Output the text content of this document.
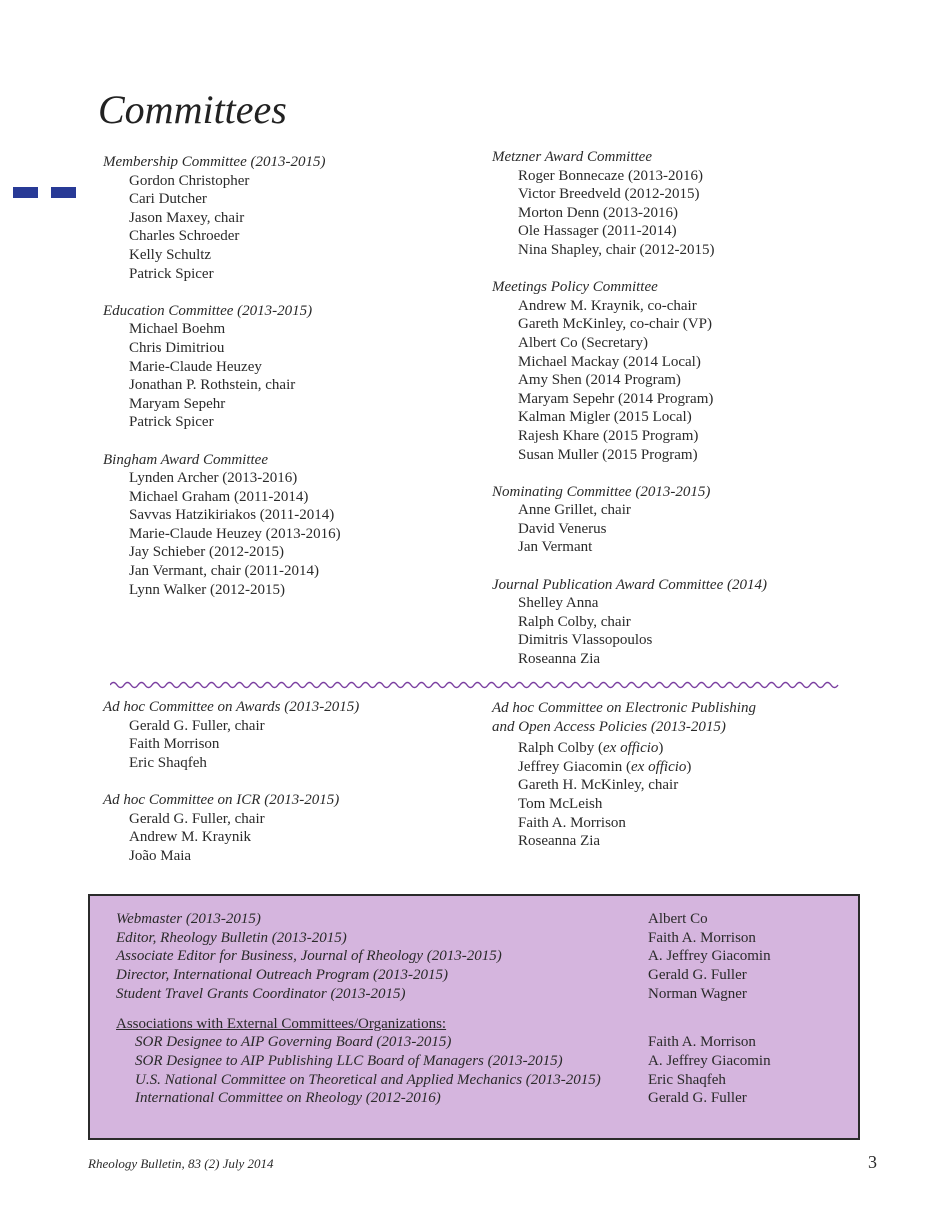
Committees
Membership Committee (2013-2015)
Gordon Christopher
Cari Dutcher
Jason Maxey, chair
Charles Schroeder
Kelly Schultz
Patrick Spicer
Education Committee (2013-2015)
Michael Boehm
Chris Dimitriou
Marie-Claude Heuzey
Jonathan P. Rothstein, chair
Maryam Sepehr
Patrick Spicer
Bingham Award Committee
Lynden Archer (2013-2016)
Michael Graham (2011-2014)
Savvas Hatzikiriakos (2011-2014)
Marie-Claude Heuzey (2013-2016)
Jay Schieber (2012-2015)
Jan Vermant, chair (2011-2014)
Lynn Walker (2012-2015)
Metzner Award Committee
Roger Bonnecaze (2013-2016)
Victor Breedveld (2012-2015)
Morton Denn (2013-2016)
Ole Hassager (2011-2014)
Nina Shapley, chair (2012-2015)
Meetings Policy Committee
Andrew M. Kraynik, co-chair
Gareth McKinley, co-chair (VP)
Albert Co (Secretary)
Michael Mackay (2014 Local)
Amy Shen (2014 Program)
Maryam Sepehr (2014 Program)
Kalman Migler (2015 Local)
Rajesh Khare (2015 Program)
Susan Muller (2015 Program)
Nominating Committee (2013-2015)
Anne Grillet, chair
David Venerus
Jan Vermant
Journal Publication Award Committee (2014)
Shelley Anna
Ralph Colby, chair
Dimitris Vlassopoulos
Roseanna Zia
Ad hoc Committee on Awards (2013-2015)
Gerald G. Fuller, chair
Faith Morrison
Eric Shaqfeh
Ad hoc Committee on ICR (2013-2015)
Gerald G. Fuller, chair
Andrew M. Kraynik
João Maia
Ad hoc Committee on Electronic Publishing
and Open Access Policies (2013-2015)
Ralph Colby (ex officio)
Jeffrey Giacomin (ex officio)
Gareth H. McKinley, chair
Tom McLeish
Faith A. Morrison
Roseanna Zia
Webmaster (2013-2015)	Albert Co
Editor, Rheology Bulletin (2013-2015)	Faith A. Morrison
Associate Editor for Business, Journal of Rheology (2013-2015)	A. Jeffrey Giacomin
Director, International Outreach Program (2013-2015)	Gerald G. Fuller
Student Travel Grants Coordinator (2013-2015)	Norman Wagner
Associations with External Committees/Organizations:
SOR Designee to AIP Governing Board (2013-2015)	Faith A. Morrison
SOR Designee to AIP Publishing LLC Board of Managers (2013-2015)	A. Jeffrey Giacomin
U.S. National Committee on Theoretical and Applied Mechanics (2013-2015)	Eric Shaqfeh
International Committee on Rheology (2012-2016)	Gerald G. Fuller
Rheology Bulletin, 83 (2) July 2014	3
